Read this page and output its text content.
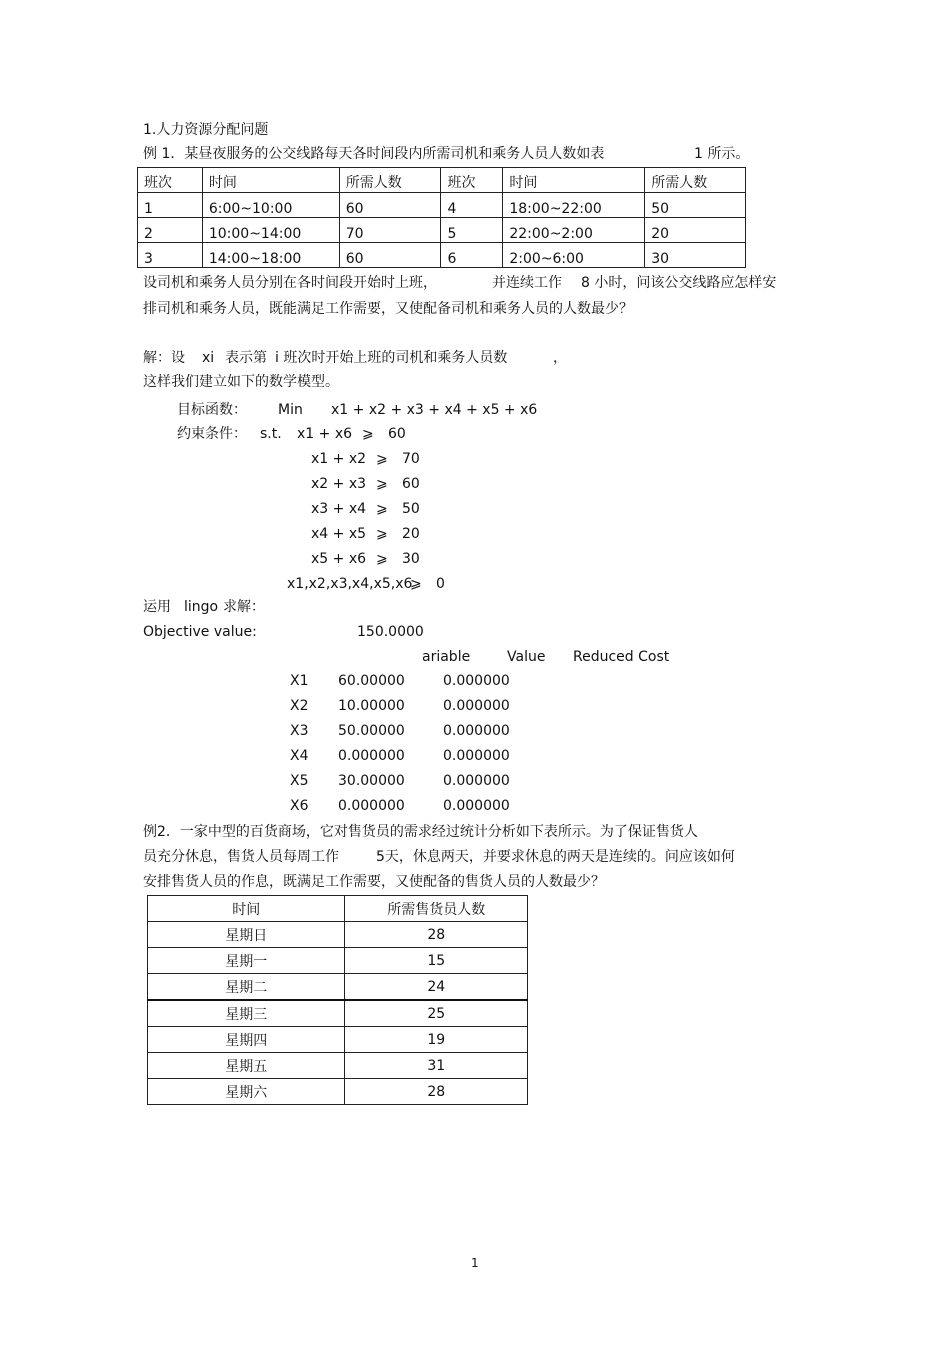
1.人力资源分配问题
例 1．某昼夜服务的公交线路每天各时间段内所需司机和乘务人员人数如表	1 所示。
班次	时间	所需人数	班次	时间	所需人数
1	6:00~10:00	60	4	18:00~22:00	50
2	10:00~14:00	70	5	22:00~2:00	20
3	14:00~18:00	60	6	2:00~6:00	30
设司机和乘务人员分别在各时间段开始时上班，	并连续工作 8 小时，问该公交线路应怎样安
排司机和乘务人员，既能满足工作需要，又使配备司机和乘务人员的人数最少？
解：设 xi 表示第 i 班次时开始上班的司机和乘务人员数	，
这样我们建立如下的数学模型。
目标函数： Min x1 + x2 + x3 + x4 + x5 + x6
约束条件： s.t. x1 + x6 ⩾ 60
x1 + x2 ⩾ 70
x2 + x3 ⩾ 60
x3 + x4 ⩾ 50
x4 + x5 ⩾ 20
x5 + x6 ⩾ 30
x1,x2,x3,x4,x5,x6
⩾ 0
运用 lingo 求解：
Objective value:	150.0000
ariable	Value Reduced Cost
X1 60.00000	0.000000
X2 10.00000	0.000000
X3 50.00000	0.000000
X4 0.000000	0.000000
X5 30.00000	0.000000
X6 0.000000	0.000000
例2．一家中型的百货商场，它对售货员的需求经过统计分析如下表所示。为了保证售货人
员充分休息，售货人员每周工作	5天，休息两天，并要求休息的两天是连续的。问应该如何
安排售货人员的作息，既满足工作需要，又使配备的售货人员的人数最少？
时间	所需售货员人数
星期日	28
星期一	15
星期二	24
星期三	25
星期四	19
星期五	31
星期六	28
1
